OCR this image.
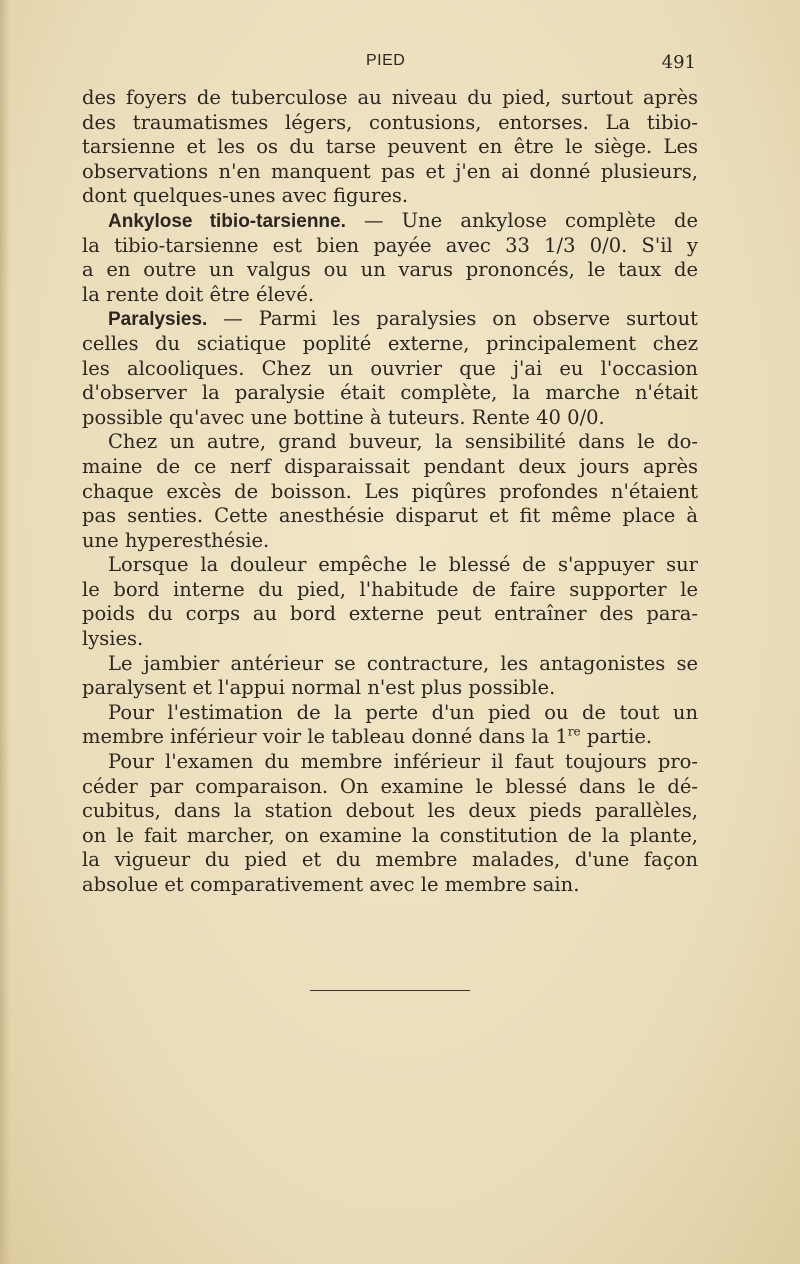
PIED	491
des foyers de tuberculose au niveau du pied, surtout après
des traumatismes légers, contusions, entorses. La tibio-
tarsienne et les os du tarse peuvent en être le siège. Les
observations n'en manquent pas et j'en ai donné plusieurs,
dont quelques-unes avec figures.
Ankylose tibio-tarsienne. — Une ankylose complète de
la tibio-tarsienne est bien payée avec 33 1/3 0/0. S'il y
a en outre un valgus ou un varus prononcés, le taux de
la rente doit être élevé.
Paralysies. — Parmi les paralysies on observe surtout
celles du sciatique poplité externe, principalement chez
les alcooliques. Chez un ouvrier que j'ai eu l'occasion
d'observer la paralysie était complète, la marche n'était
possible qu'avec une bottine à tuteurs. Rente 40 0/0.
Chez un autre, grand buveur, la sensibilité dans le do-
maine de ce nerf disparaissait pendant deux jours après
chaque excès de boisson. Les piqûres profondes n'étaient
pas senties. Cette anesthésie disparut et fit même place à
une hyperesthésie.
Lorsque la douleur empêche le blessé de s'appuyer sur
le bord interne du pied, l'habitude de faire supporter le
poids du corps au bord externe peut entraîner des para-
lysies.
Le jambier antérieur se contracture, les antagonistes se
paralysent et l'appui normal n'est plus possible.
Pour l'estimation de la perte d'un pied ou de tout un
membre inférieur voir le tableau donné dans la 1re partie.
Pour l'examen du membre inférieur il faut toujours pro-
céder par comparaison. On examine le blessé dans le dé-
cubitus, dans la station debout les deux pieds parallèles,
on le fait marcher, on examine la constitution de la plante,
la vigueur du pied et du membre malades, d'une façon
absolue et comparativement avec le membre sain.
